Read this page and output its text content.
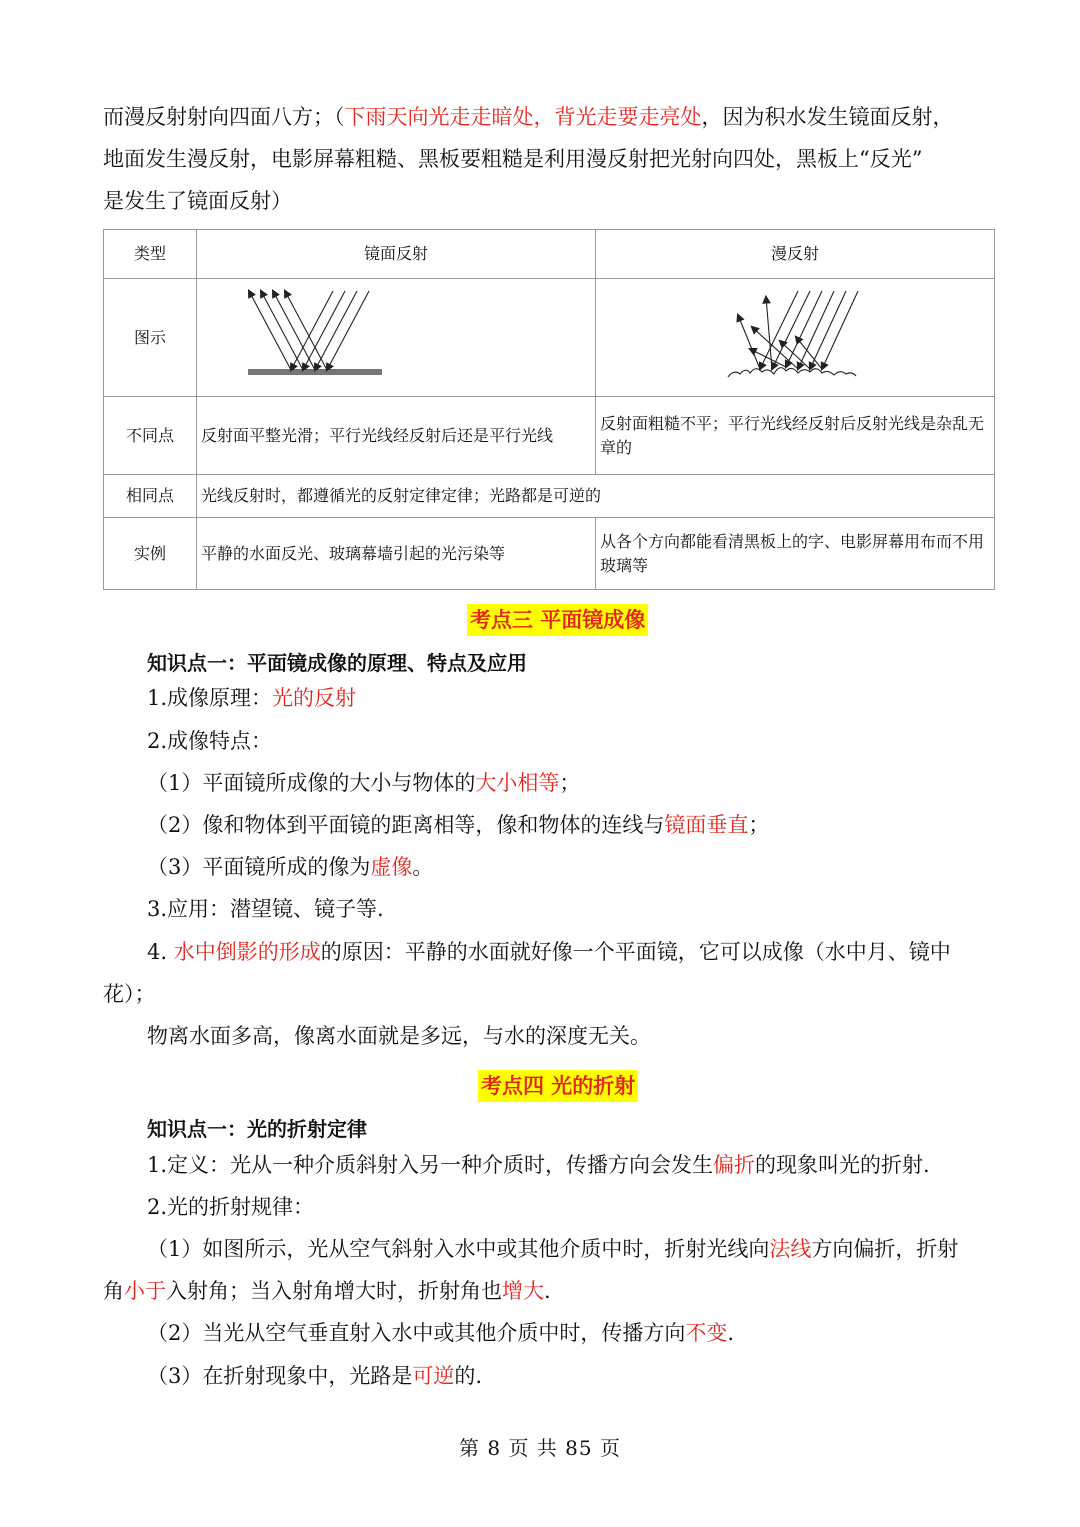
而漫反射射向四面八方；（下雨天向光走走暗处，背光走要走亮处，因为积水发生镜面反射，
地面发生漫反射，电影屏幕粗糙、黑板要粗糙是利用漫反射把光射向四处，黑板上“反光”
是发生了镜面反射）
类型	镜面反射	漫反射
图示		
不同点	反射面平整光滑；平行光线经反射后还是平行光线	反射面粗糙不平；平行光线经反射后反射光线是杂乱无章的
相同点	光线反射时，都遵循光的反射定律定律；光路都是可逆的	
实例	平静的水面反光、玻璃幕墙引起的光污染等	从各个方向都能看清黑板上的字、电影屏幕用布而不用玻璃等
考点三 平面镜成像
知识点一：平面镜成像的原理、特点及应用
1.成像原理：光的反射
2.成像特点：
（1）平面镜所成像的大小与物体的大小相等；
（2）像和物体到平面镜的距离相等，像和物体的连线与镜面垂直；
（3）平面镜所成的像为虚像。
3.应用：潜望镜、镜子等.
4. 水中倒影的形成的原因：平静的水面就好像一个平面镜，它可以成像（水中月、镜中
花）；
物离水面多高，像离水面就是多远，与水的深度无关。
考点四 光的折射
知识点一：光的折射定律
1.定义：光从一种介质斜射入另一种介质时，传播方向会发生偏折的现象叫光的折射.
2.光的折射规律：
（1）如图所示，光从空气斜射入水中或其他介质中时，折射光线向法线方向偏折，折射
角小于入射角；当入射角增大时，折射角也增大.
（2）当光从空气垂直射入水中或其他介质中时，传播方向不变.
（3）在折射现象中，光路是可逆的.
第 8 页 共 85 页
